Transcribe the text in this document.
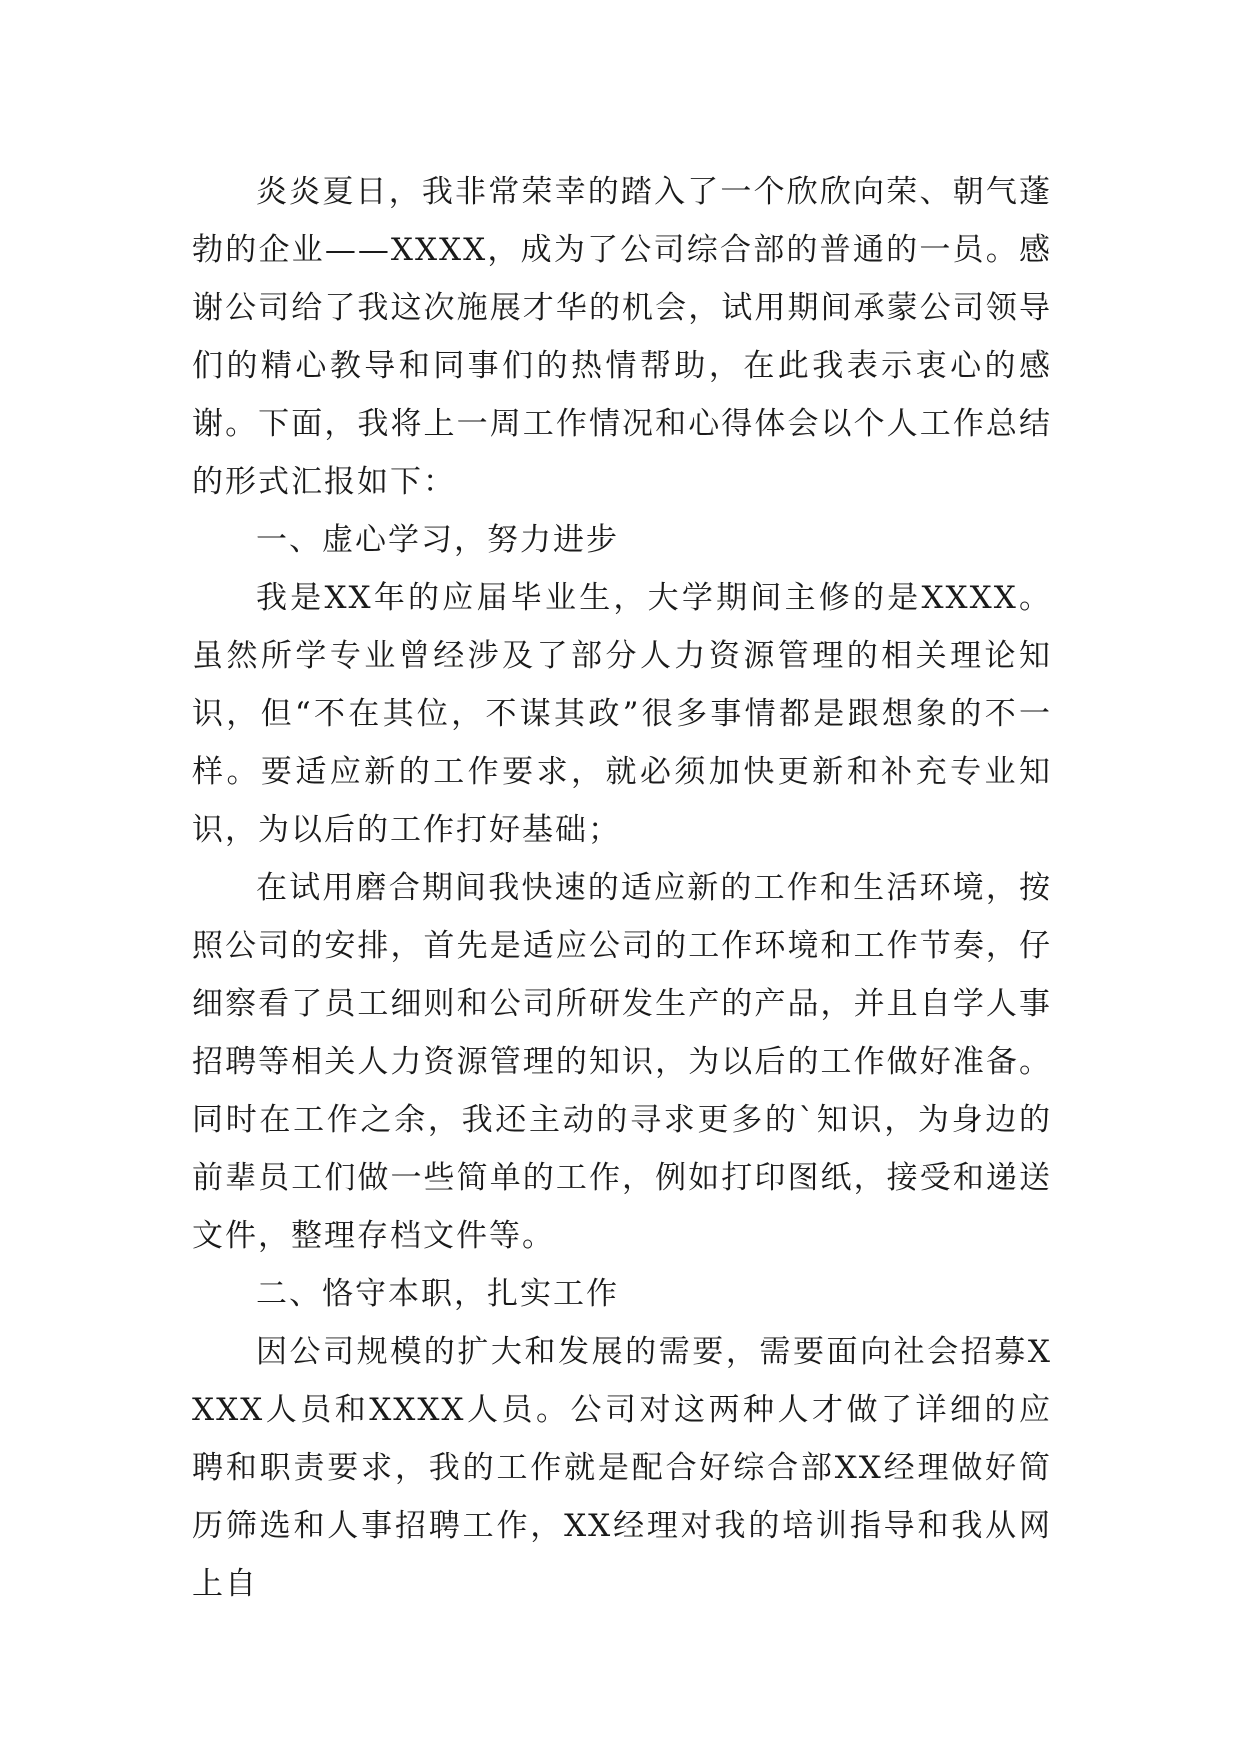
炎炎夏日，我非常荣幸的踏入了一个欣欣向荣、朝气蓬勃的企业——XXXX，成为了公司综合部的普通的一员。感谢公司给了我这次施展才华的机会，试用期间承蒙公司领导们的精心教导和同事们的热情帮助，在此我表示衷心的感谢。下面，我将上一周工作情况和心得体会以个人工作总结的形式汇报如下：

一、虚心学习，努力进步

我是XX年的应届毕业生，大学期间主修的是XXXX。虽然所学专业曾经涉及了部分人力资源管理的相关理论知识，但“不在其位，不谋其政”很多事情都是跟想象的不一样。要适应新的工作要求，就必须加快更新和补充专业知识，为以后的工作打好基础；

在试用磨合期间我快速的适应新的工作和生活环境，按照公司的安排，首先是适应公司的工作环境和工作节奏，仔细察看了员工细则和公司所研发生产的产品，并且自学人事招聘等相关人力资源管理的知识，为以后的工作做好准备。同时在工作之余，我还主动的寻求更多的`知识，为身边的前辈员工们做一些简单的工作，例如打印图纸，接受和递送文件，整理存档文件等。

二、恪守本职，扎实工作

因公司规模的扩大和发展的需要，需要面向社会招募XXXX人员和XXXX人员。公司对这两种人才做了详细的应聘和职责要求，我的工作就是配合好综合部XX经理做好简历筛选和人事招聘工作，XX经理对我的培训指导和我从网上自
